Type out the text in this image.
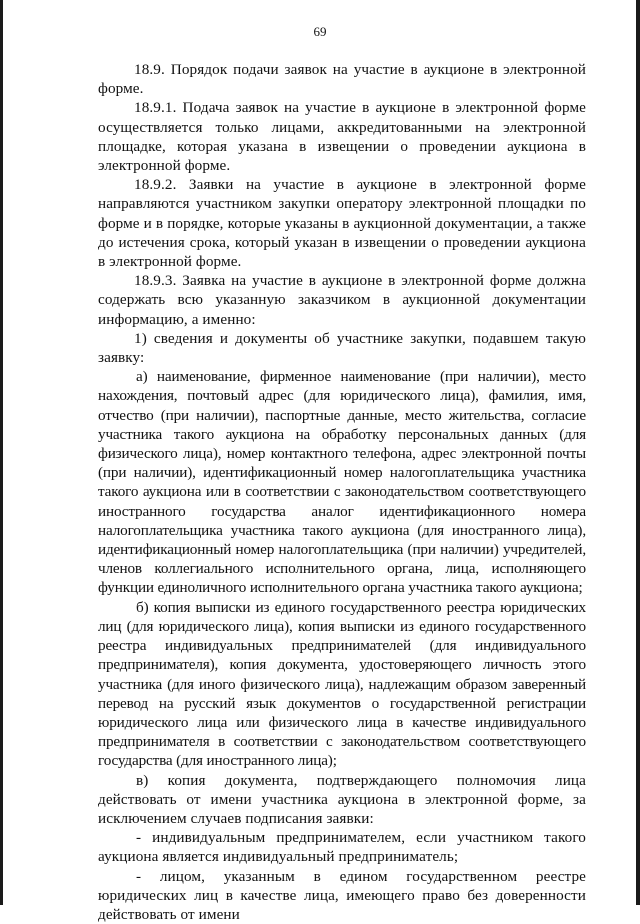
69

18.9. Порядок подачи заявок на участие в аукционе в электронной форме.

18.9.1. Подача заявок на участие в аукционе в электронной форме осуществляется только лицами, аккредитованными на электронной площадке, которая указана в извещении о проведении аукциона в электронной форме.

18.9.2. Заявки на участие в аукционе в электронной форме направляются участником закупки оператору электронной площадки по форме и в порядке, которые указаны в аукционной документации, а также до истечения срока, который указан в извещении о проведении аукциона в электронной форме.

18.9.3. Заявка на участие в аукционе в электронной форме должна содержать всю указанную заказчиком в аукционной документации информацию, а именно:

1) сведения и документы об участнике закупки, подавшем такую заявку:

а) наименование, фирменное наименование (при наличии), место нахождения, почтовый адрес (для юридического лица), фамилия, имя, отчество (при наличии), паспортные данные, место жительства, согласие участника такого аукциона на обработку персональных данных (для физического лица), номер контактного телефона, адрес электронной почты (при наличии), идентификационный номер налогоплательщика участника такого аукциона или в соответствии с законодательством соответствующего иностранного государства аналог идентификационного номера налогоплательщика участника такого аукциона (для иностранного лица), идентификационный номер налогоплательщика (при наличии) учредителей, членов коллегиального исполнительного органа, лица, исполняющего функции единоличного исполнительного органа участника такого аукциона;

б) копия выписки из единого государственного реестра юридических лиц (для юридического лица), копия выписки из единого государственного реестра индивидуальных предпринимателей (для индивидуального предпринимателя), копия документа, удостоверяющего личность этого участника (для иного физического лица), надлежащим образом заверенный перевод на русский язык документов о государственной регистрации юридического лица или физического лица в качестве индивидуального предпринимателя в соответствии с законодательством соответствующего государства (для иностранного лица);

в) копия документа, подтверждающего полномочия лица действовать от имени участника аукциона в электронной форме, за исключением случаев подписания заявки:

- индивидуальным предпринимателем, если участником такого аукциона является индивидуальный предприниматель;

- лицом, указанным в едином государственном реестре юридических лиц в качестве лица, имеющего право без доверенности действовать от имени
